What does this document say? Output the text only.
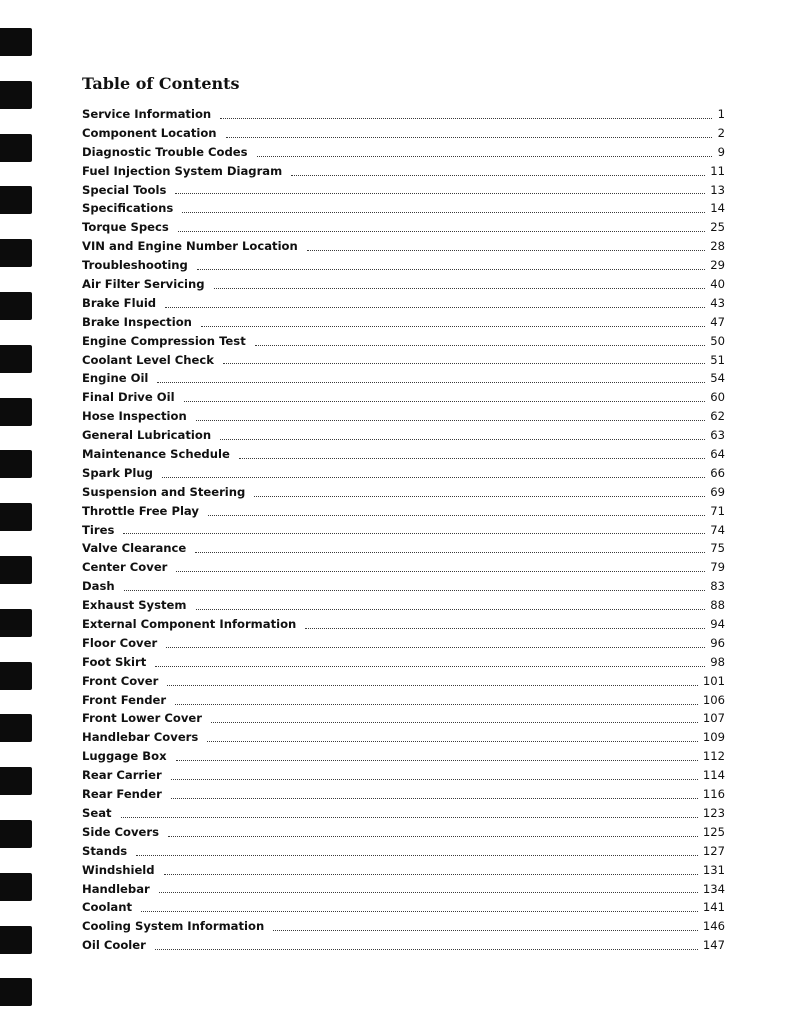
Table of Contents
Service Information	1
Component Location	2
Diagnostic Trouble Codes	9
Fuel Injection System Diagram	11
Special Tools	13
Specifications	14
Torque Specs	25
VIN and Engine Number Location	28
Troubleshooting	29
Air Filter Servicing	40
Brake Fluid	43
Brake Inspection	47
Engine Compression Test	50
Coolant Level Check	51
Engine Oil	54
Final Drive Oil	60
Hose Inspection	62
General Lubrication	63
Maintenance Schedule	64
Spark Plug	66
Suspension and Steering	69
Throttle Free Play	71
Tires	74
Valve Clearance	75
Center Cover	79
Dash	83
Exhaust System	88
External Component Information	94
Floor Cover	96
Foot Skirt	98
Front Cover	101
Front Fender	106
Front Lower Cover	107
Handlebar Covers	109
Luggage Box	112
Rear Carrier	114
Rear Fender	116
Seat	123
Side Covers	125
Stands	127
Windshield	131
Handlebar	134
Coolant	141
Cooling System Information	146
Oil Cooler	147
